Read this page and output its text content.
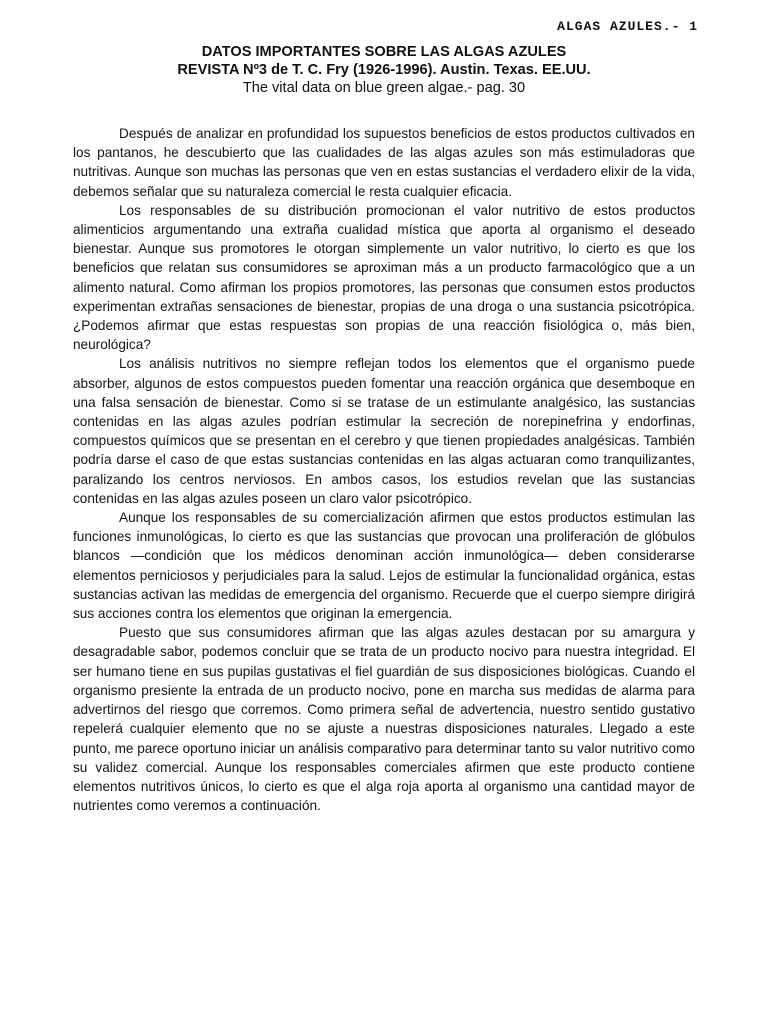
ALGAS AZULES.- 1

DATOS IMPORTANTES SOBRE LAS ALGAS AZULES

REVISTA Nº3 de T. C. Fry (1926-1996). Austin. Texas. EE.UU.

The vital data on blue green algae.- pag. 30

Después de analizar en profundidad los supuestos beneficios de estos productos cultivados en los pantanos, he descubierto que las cualidades de las algas azules son más estimuladoras que nutritivas. Aunque son muchas las personas que ven en estas sustancias el verdadero elixir de la vida, debemos señalar que su naturaleza comercial le resta cualquier eficacia.

Los responsables de su distribución promocionan el valor nutritivo de estos productos alimenticios argumentando una extraña cualidad mística que aporta al organismo el deseado bienestar. Aunque sus promotores le otorgan simplemente un valor nutritivo, lo cierto es que los beneficios que relatan sus consumidores se aproximan más a un producto farmacológico que a un alimento natural. Como afirman los propios promotores, las personas que consumen estos productos experimentan extrañas sensaciones de bienestar, propias de una droga o una sustancia psicotrópica. ¿Podemos afirmar que estas respuestas son propias de una reacción fisiológica o, más bien, neurológica?

Los análisis nutritivos no siempre reflejan todos los elementos que el organismo puede absorber, algunos de estos compuestos pueden fomentar una reacción orgánica que desemboque en una falsa sensación de bienestar. Como si se tratase de un estimulante analgésico, las sustancias contenidas en las algas azules podrían estimular la secreción de norepinefrina y endorfinas, compuestos químicos que se presentan en el cerebro y que tienen propiedades analgésicas. También podría darse el caso de que estas sustancias contenidas en las algas actuaran como tranquilizantes, paralizando los centros nerviosos. En ambos casos, los estudios revelan que las sustancias contenidas en las algas azules poseen un claro valor psicotrópico.

Aunque los responsables de su comercialización afirmen que estos productos estimulan las funciones inmunológicas, lo cierto es que las sustancias que provocan una proliferación de glóbulos blancos —condición que los médicos denominan acción inmunológica— deben considerarse elementos perniciosos y perjudiciales para la salud. Lejos de estimular la funcionalidad orgánica, estas sustancias activan las medidas de emergencia del organismo. Recuerde que el cuerpo siempre dirigirá sus acciones contra los elementos que originan la emergencia.

Puesto que sus consumidores afirman que las algas azules destacan por su amargura y desagradable sabor, podemos concluir que se trata de un producto nocivo para nuestra integridad. El ser humano tiene en sus pupilas gustativas el fiel guardián de sus disposiciones biológicas. Cuando el organismo presiente la entrada de un producto nocivo, pone en marcha sus medidas de alarma para advertirnos del riesgo que corremos. Como primera señal de advertencia, nuestro sentido gustativo repelerá cualquier elemento que no se ajuste a nuestras disposiciones naturales. Llegado a este punto, me parece oportuno iniciar un análisis comparativo para determinar tanto su valor nutritivo como su validez comercial. Aunque los responsables comerciales afirmen que este producto contiene elementos nutritivos únicos, lo cierto es que el alga roja aporta al organismo una cantidad mayor de nutrientes como veremos a continuación.
